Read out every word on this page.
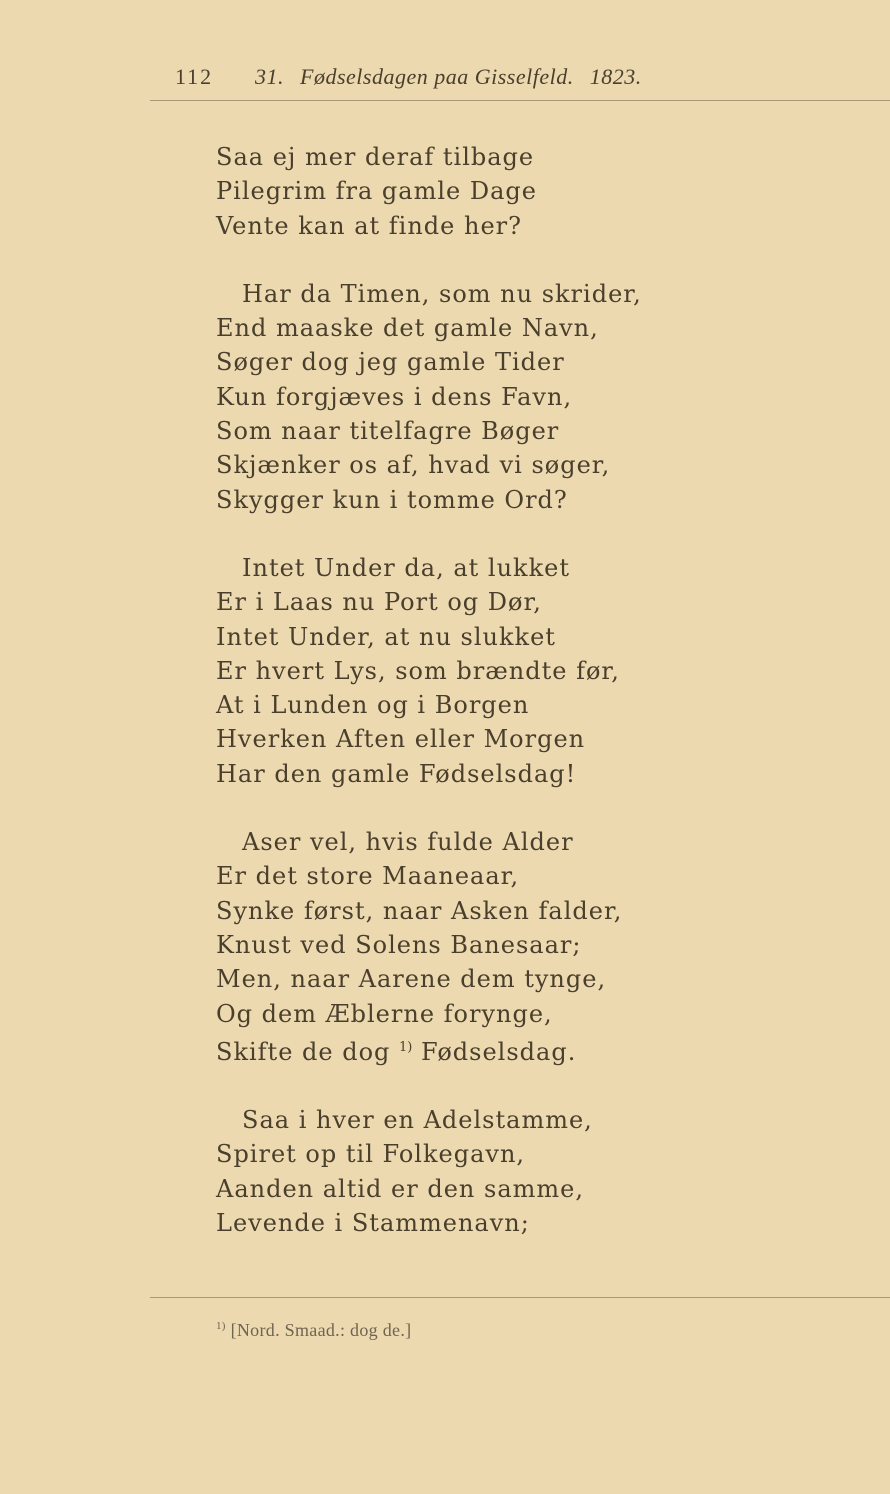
112 31. Fødselsdagen paa Gisselfeld. 1823.
Saa ej mer deraf tilbage
Pilegrim fra gamle Dage
Vente kan at finde her?
Har da Timen, som nu skrider,
End maaske det gamle Navn,
Søger dog jeg gamle Tider
Kun forgjæves i dens Favn,
Som naar titelfagre Bøger
Skjænker os af, hvad vi søger,
Skygger kun i tomme Ord?
Intet Under da, at lukket
Er i Laas nu Port og Dør,
Intet Under, at nu slukket
Er hvert Lys, som brændte før,
At i Lunden og i Borgen
Hverken Aften eller Morgen
Har den gamle Fødselsdag!
Aser vel, hvis fulde Alder
Er det store Maaneaar,
Synke først, naar Asken falder,
Knust ved Solens Banesaar;
Men, naar Aarene dem tynge,
Og dem Æblerne forynge,
Skifte de dog $^{1)}$ Fødselsdag.
Saa i hver en Adelstamme,
Spiret op til Folkegavn,
Aanden altid er den samme,
Levende i Stammenavn;
$^{1)}$ [Nord. Smaad.: dog de.]
